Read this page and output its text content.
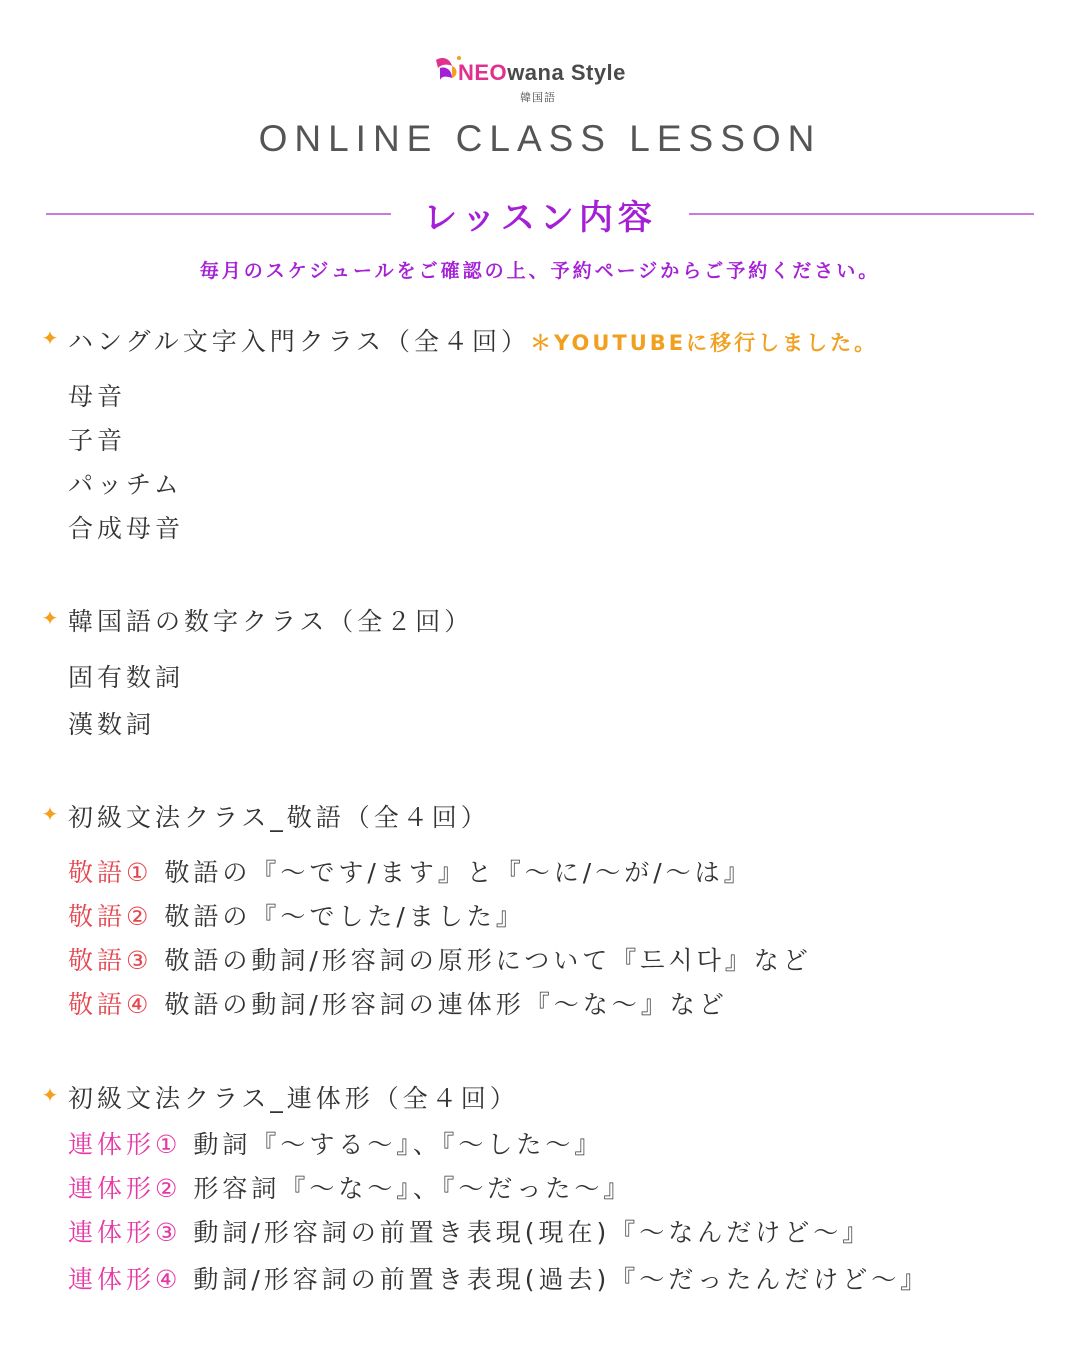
NEOwana Style
韓国語
ONLINE CLASS LESSON
レッスン内容
毎月のスケジュールをご確認の上、予約ページからご予約ください。
✦ ハングル文字入門クラス（全４回）＊YOUTUBEに移行しました。
母音
子音
パッチム
合成母音
✦ 韓国語の数字クラス（全２回）
固有数詞
漢数詞
✦ 初級文法クラス_敬語（全４回）
敬語① 敬語の『〜です/ます』と『〜に/〜が/〜は』
敬語② 敬語の『〜でした/ました』
敬語③ 敬語の動詞/形容詞の原形について『드시다』など
敬語④ 敬語の動詞/形容詞の連体形『〜な〜』など
✦ 初級文法クラス_連体形（全４回）
連体形① 動詞『〜する〜』、『〜した〜』
連体形② 形容詞『〜な〜』、『〜だった〜』
連体形③ 動詞/形容詞の前置き表現(現在)『〜なんだけど〜』
連体形④ 動詞/形容詞の前置き表現(過去)『〜だったんだけど〜』
